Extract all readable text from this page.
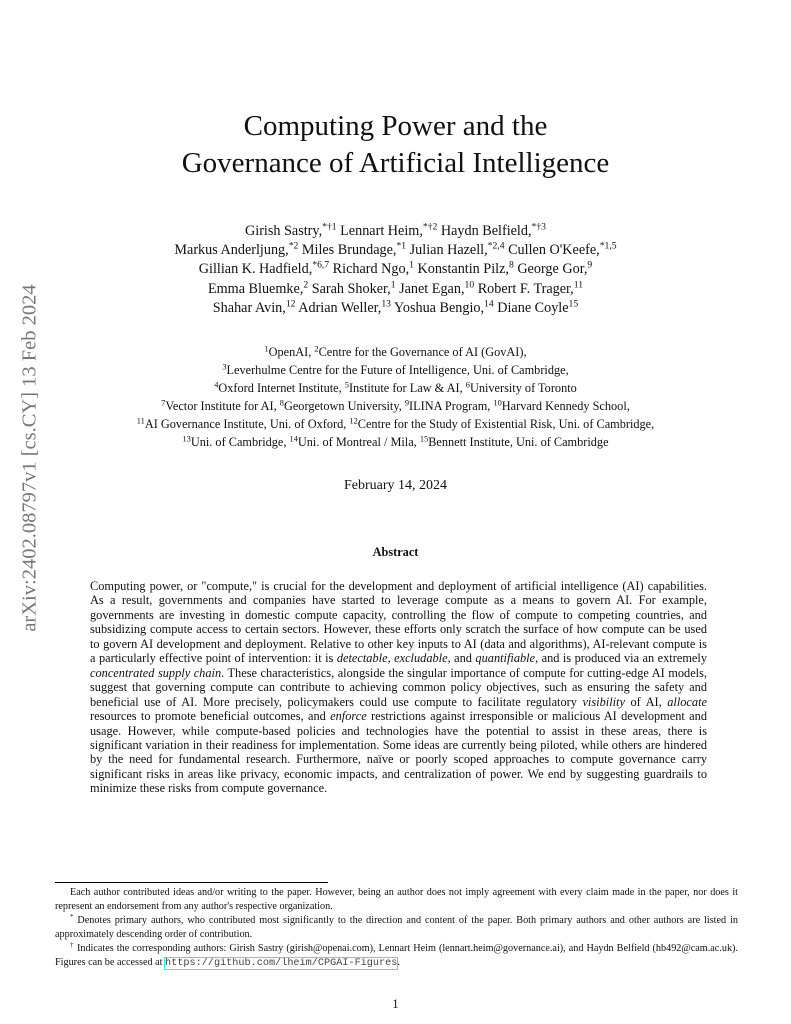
arXiv:2402.08797v1 [cs.CY] 13 Feb 2024
Computing Power and the
Governance of Artificial Intelligence
Girish Sastry,$^{*\dagger 1}$ Lennart Heim,$^{*\dagger 2}$ Haydn Belfield,$^{*\dagger 3}$
Markus Anderljung,$^{*2}$ Miles Brundage,$^{*1}$ Julian Hazell,$^{*2,4}$ Cullen O'Keefe,$^{*1,5}$
Gillian K. Hadfield,$^{*6,7}$ Richard Ngo,$^1$ Konstantin Pilz,$^8$ George Gor,$^9$
Emma Bluemke,$^2$ Sarah Shoker,$^1$ Janet Egan,$^{10}$ Robert F. Trager,$^{11}$
Shahar Avin,$^{12}$ Adrian Weller,$^{13}$ Yoshua Bengio,$^{14}$ Diane Coyle$^{15}$
$^1$OpenAI, $^2$Centre for the Governance of AI (GovAI),
$^3$Leverhulme Centre for the Future of Intelligence, Uni. of Cambridge,
$^4$Oxford Internet Institute, $^5$Institute for Law & AI, $^6$University of Toronto
$^7$Vector Institute for AI, $^8$Georgetown University, $^9$ILINA Program, $^{10}$Harvard Kennedy School,
$^{11}$AI Governance Institute, Uni. of Oxford, $^{12}$Centre for the Study of Existential Risk, Uni. of Cambridge,
$^{13}$Uni. of Cambridge, $^{14}$Uni. of Montreal / Mila, $^{15}$Bennett Institute, Uni. of Cambridge
February 14, 2024
Abstract
Computing power, or "compute," is crucial for the development and deployment of artificial intelligence (AI) capabilities. As a result, governments and companies have started to leverage compute as a means to govern AI. For example, governments are investing in domestic compute capacity, controlling the flow of compute to competing countries, and subsidizing compute access to certain sectors. However, these efforts only scratch the surface of how compute can be used to govern AI development and deployment. Relative to other key inputs to AI (data and algorithms), AI-relevant compute is a particularly effective point of intervention: it is detectable, excludable, and quantifiable, and is produced via an extremely concentrated supply chain. These characteristics, alongside the singular importance of compute for cutting-edge AI models, suggest that governing compute can contribute to achieving common policy objectives, such as ensuring the safety and beneficial use of AI. More precisely, policymakers could use compute to facilitate regulatory visibility of AI, allocate resources to promote beneficial outcomes, and enforce restrictions against irresponsible or malicious AI development and usage. However, while compute-based policies and technologies have the potential to assist in these areas, there is significant variation in their readiness for implementation. Some ideas are currently being piloted, while others are hindered by the need for fundamental research. Furthermore, naïve or poorly scoped approaches to compute governance carry significant risks in areas like privacy, economic impacts, and centralization of power. We end by suggesting guardrails to minimize these risks from compute governance.

Each author contributed ideas and/or writing to the paper. However, being an author does not imply agreement with every claim made in the paper, nor does it represent an endorsement from any author's respective organization.

* Denotes primary authors, who contributed most significantly to the direction and content of the paper. Both primary authors and other authors are listed in approximately descending order of contribution.

† Indicates the corresponding authors: Girish Sastry (girish@openai.com), Lennart Heim (lennart.heim@governance.ai), and Haydn Belfield (hb492@cam.ac.uk). Figures can be accessed at https://github.com/lheim/CPGAI-Figures.

1
